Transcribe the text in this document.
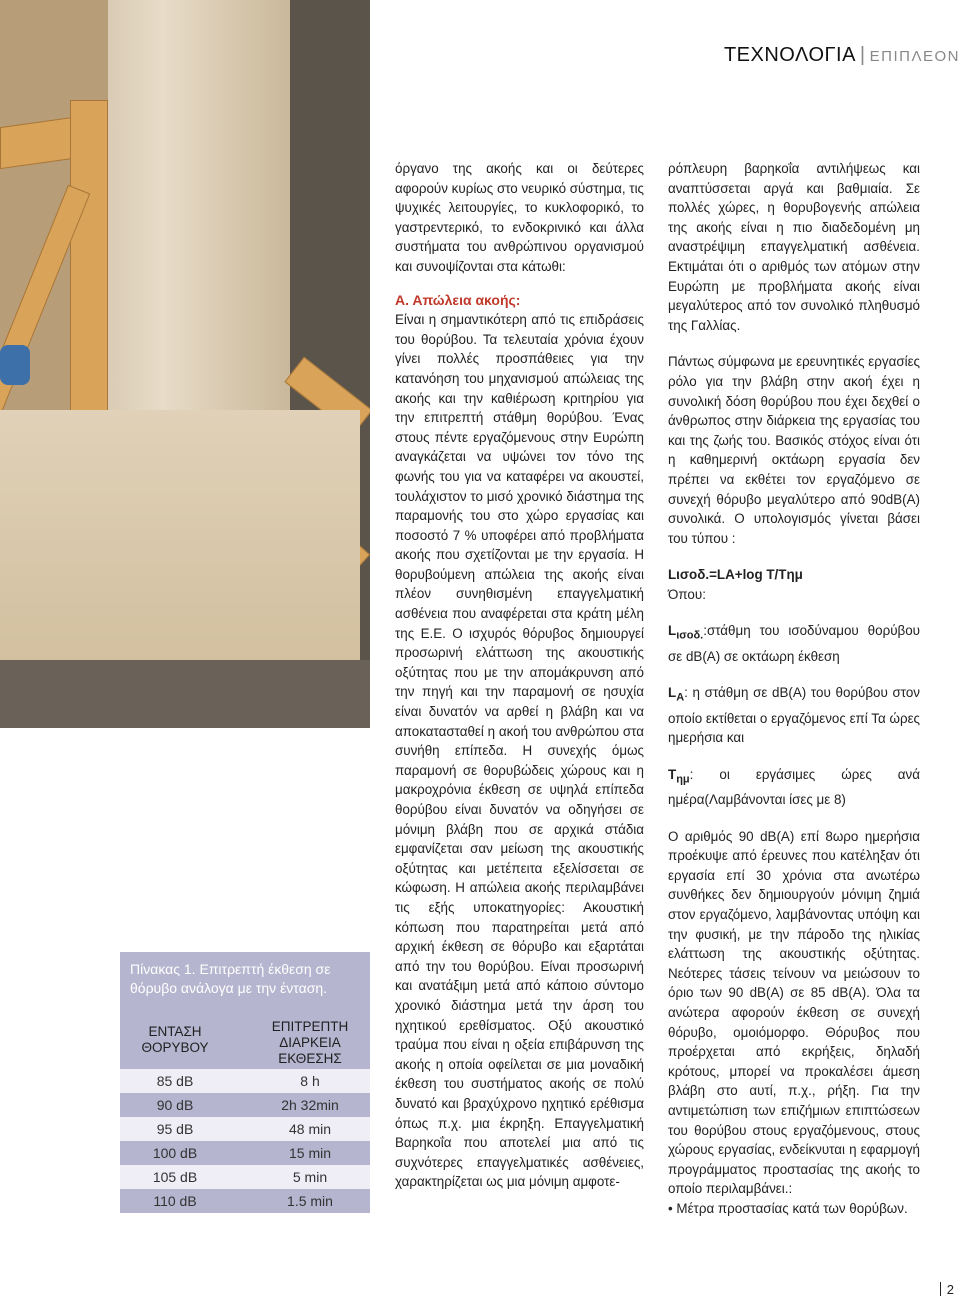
ΤΕΧΝΟΛΟΓΙΑ | ΕΠΙΠΛΕΟΝ

όργανο της ακοής και οι δεύτερες αφορούν κυρίως στο νευρικό σύστημα, τις ψυχικές λειτουργίες, το κυκλοφορικό, το γαστρεντερικό, το ενδοκρινικό και άλλα συστήματα του ανθρώπινου οργανισμού και συνοψίζονται στα κάτωθι:

Α. Απώλεια ακοής:

Είναι η σημαντικότερη από τις επιδράσεις του θορύβου. Τα τελευταία χρόνια έχουν γίνει πολλές προσπάθειες για την κατανόηση του μηχανισμού απώλειας της ακοής και την καθιέρωση κριτηρίου για την επιτρεπτή στάθμη θορύβου. Ένας στους πέντε εργαζόμενους στην Ευρώπη αναγκάζεται να υψώνει τον τόνο της φωνής του για να καταφέρει να ακουστεί, τουλάχιστον το μισό χρονικό διάστημα της παραμονής του στο χώρο εργασίας και ποσοστό 7 % υποφέρει από προβλήματα ακοής που σχετίζονται με την εργασία. Η θορυβούμενη απώλεια της ακοής είναι πλέον συνηθισμένη επαγγελματική ασθένεια που αναφέρεται στα κράτη μέλη της Ε.Ε. Ο ισχυρός θόρυβος δημιουργεί προσωρινή ελάττωση της ακουστικής οξύτητας που με την απομάκρυνση από την πηγή και την παραμονή σε ησυχία είναι δυνατόν να αρθεί η βλάβη και να αποκατασταθεί η ακοή του ανθρώπου στα συνήθη επίπεδα. Η συνεχής όμως παραμονή σε θορυβώδεις χώρους και η μακροχρόνια έκθεση σε υψηλά επίπεδα θορύβου είναι δυνατόν να οδηγήσει σε μόνιμη βλάβη που σε αρχικά στάδια εμφανίζεται σαν μείωση της ακουστικής οξύτητας και μετέπειτα εξελίσσεται σε κώφωση. Η απώλεια ακοής περιλαμβάνει τις εξής υποκατηγορίες: Ακουστική κόπωση που παρατηρείται μετά από αρχική έκθεση σε θόρυβο και εξαρτάται από την του θορύβου. Είναι προσωρινή και ανατάξιμη μετά από κάποιο σύντομο χρονικό διάστημα μετά την άρση του ηχητικού ερεθίσματος. Οξύ ακουστικό τραύμα που είναι η οξεία επιβάρυνση της ακοής η οποία οφείλεται σε μια μοναδική έκθεση του συστήματος ακοής σε πολύ δυνατό και βραχύχρονο ηχητικό ερέθισμα όπως π.χ. μια έκρηξη. Επαγγελματική Βαρηκοΐα που αποτελεί μια από τις συχνότερες επαγγελματικές ασθένειες, χαρακτηρίζεται ως μια μόνιμη αμφοτε-

ρόπλευρη βαρηκοΐα αντιλήψεως και αναπτύσσεται αργά και βαθμιαία. Σε πολλές χώρες, η θορυβογενής απώλεια της ακοής είναι η πιο διαδεδομένη μη αναστρέψιμη επαγγελματική ασθένεια. Εκτιμάται ότι ο αριθμός των ατόμων στην Ευρώπη με προβλήματα ακοής είναι μεγαλύτερος από τον συνολικό πληθυσμό της Γαλλίας.

Πάντως σύμφωνα με ερευνητικές εργασίες ρόλο για την βλάβη στην ακοή έχει η συνολική δόση θορύβου που έχει δεχθεί ο άνθρωπος στην διάρκεια της εργασίας του και της ζωής του. Βασικός στόχος είναι ότι η καθημερινή οκτάωρη εργασία δεν πρέπει να εκθέτει τον εργαζόμενο σε συνεχή θόρυβο μεγαλύτερο από 90dB(A) συνολικά. Ο υπολογισμός γίνεται βάσει του τύπου :

Lισοδ.=LA+log T/Tημ

Όπου:

$L_{\iota\sigma o\delta.}:\sigma\tau ά\theta\mu\eta$ του ισοδύναμου θορύβου σε dB(A) σε οκτάωρη έκθεση

$L_A$: η στάθμη σε dB(A) του θορύβου στον οποίο εκτίθεται ο εργαζόμενος επί Τα ώρες ημερήσια και

$T_{\eta\mu}$: οι εργάσιμες ώρες ανά ημέρα(Λαμβάνονται ίσες με 8)

Ο αριθμός 90 dB(A) επί 8ωρο ημερήσια προέκυψε από έρευνες που κατέληξαν ότι εργασία επί 30 χρόνια στα ανωτέρω συνθήκες δεν δημιουργούν μόνιμη ζημιά στον εργαζόμενο, λαμβάνοντας υπόψη και την φυσική, με την πάροδο της ηλικίας ελάττωση της ακουστικής οξύτητας. Νεότερες τάσεις τείνουν να μειώσουν το όριο των 90 dB(A) σε 85 dB(A). Όλα τα ανώτερα αφορούν έκθεση σε συνεχή θόρυβο, ομοιόμορφο. Θόρυβος που προέρχεται από εκρήξεις, δηλαδή κρότους, μπορεί να προκαλέσει άμεση βλάβη στο αυτί, π.χ., ρήξη. Για την αντιμετώπιση των επιζήμιων επιπτώσεων του θορύβου στους εργαζόμενους, στους χώρους εργασίας, ενδείκνυται η εφαρμογή προγράμματος προστασίας της ακοής το οποίο περιλαμβάνει.:

• Μέτρα προστασίας κατά των θορύβων.

Πίνακας 1. Επιτρεπτή έκθεση σε θόρυβο ανάλογα με την ένταση.
ΕΝΤΑΣΗ ΘΟΡΥΒΟΥ
ΕΠΙΤΡΕΠΤΗ ΔΙΑΡΚΕΙΑ ΕΚΘΕΣΗΣ
85 dB	8 h
90 dB	2h 32min
95 dB	48 min
100 dB	15 min
105 dB	5 min
110 dB	1.5 min
2
